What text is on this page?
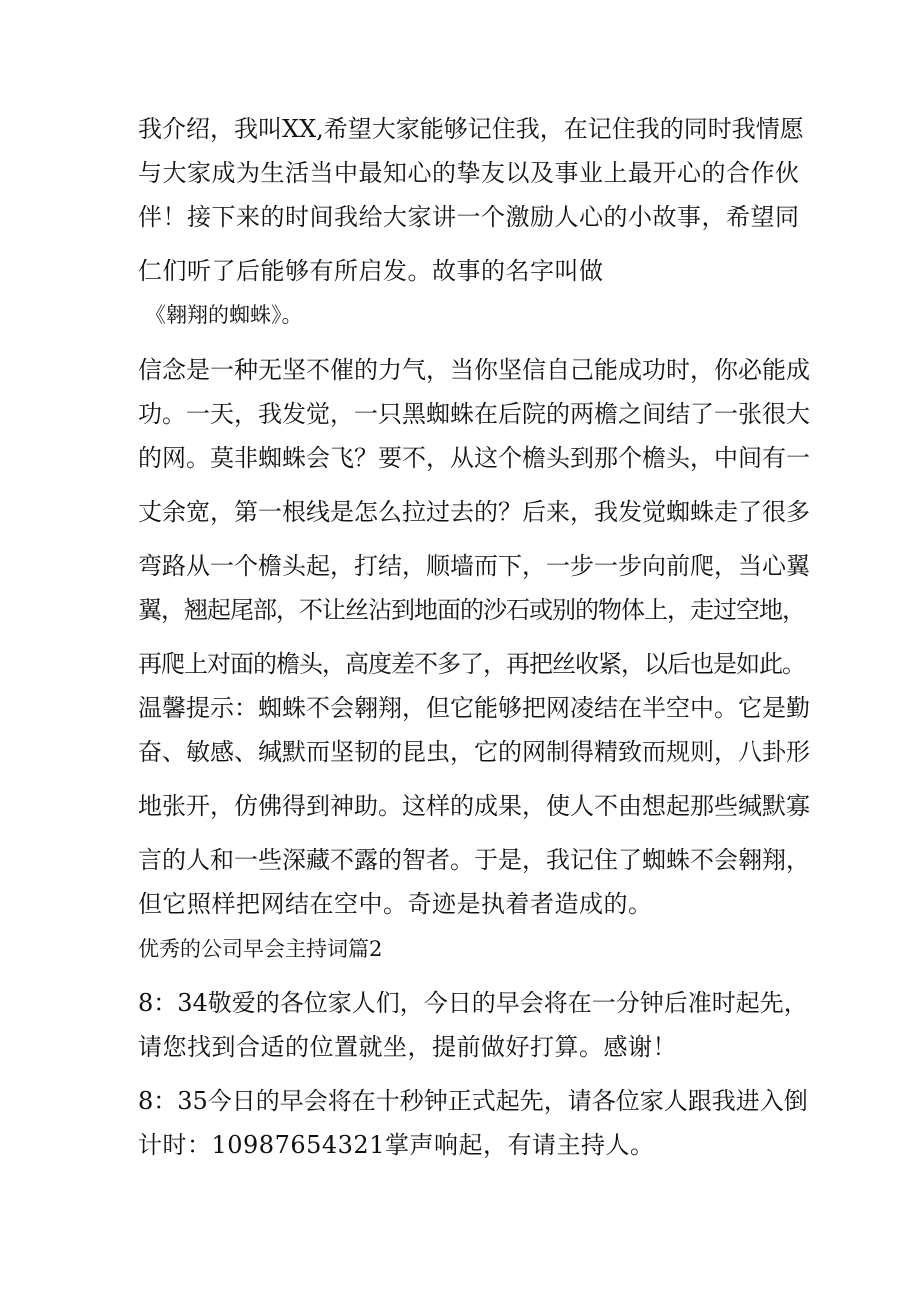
我介绍，我叫XX,希望大家能够记住我，在记住我的同时我情愿
与大家成为生活当中最知心的挚友以及事业上最开心的合作伙
伴！接下来的时间我给大家讲一个激励人心的小故事，希望同
仁们听了后能够有所启发。故事的名字叫做
《翱翔的蜘蛛》。
信念是一种无坚不催的力气，当你坚信自己能成功时，你必能成
功。一天，我发觉，一只黑蜘蛛在后院的两檐之间结了一张很大
的网。莫非蜘蛛会飞？要不，从这个檐头到那个檐头，中间有一
丈余宽，第一根线是怎么拉过去的？后来，我发觉蜘蛛走了很多
弯路从一个檐头起，打结，顺墙而下，一步一步向前爬，当心翼
翼，翘起尾部，不让丝沾到地面的沙石或别的物体上，走过空地，
再爬上对面的檐头，高度差不多了，再把丝收紧，以后也是如此。
温馨提示：蜘蛛不会翱翔，但它能够把网凌结在半空中。它是勤
奋、敏感、缄默而坚韧的昆虫，它的网制得精致而规则，八卦形
地张开，仿佛得到神助。这样的成果，使人不由想起那些缄默寡
言的人和一些深藏不露的智者。于是，我记住了蜘蛛不会翱翔，
但它照样把网结在空中。奇迹是执着者造成的。
优秀的公司早会主持词篇2
8：34敬爱的各位家人们，今日的早会将在一分钟后准时起先，
请您找到合适的位置就坐，提前做好打算。感谢！
8：35今日的早会将在十秒钟正式起先，请各位家人跟我进入倒
计时：10987654321掌声响起，有请主持人。
